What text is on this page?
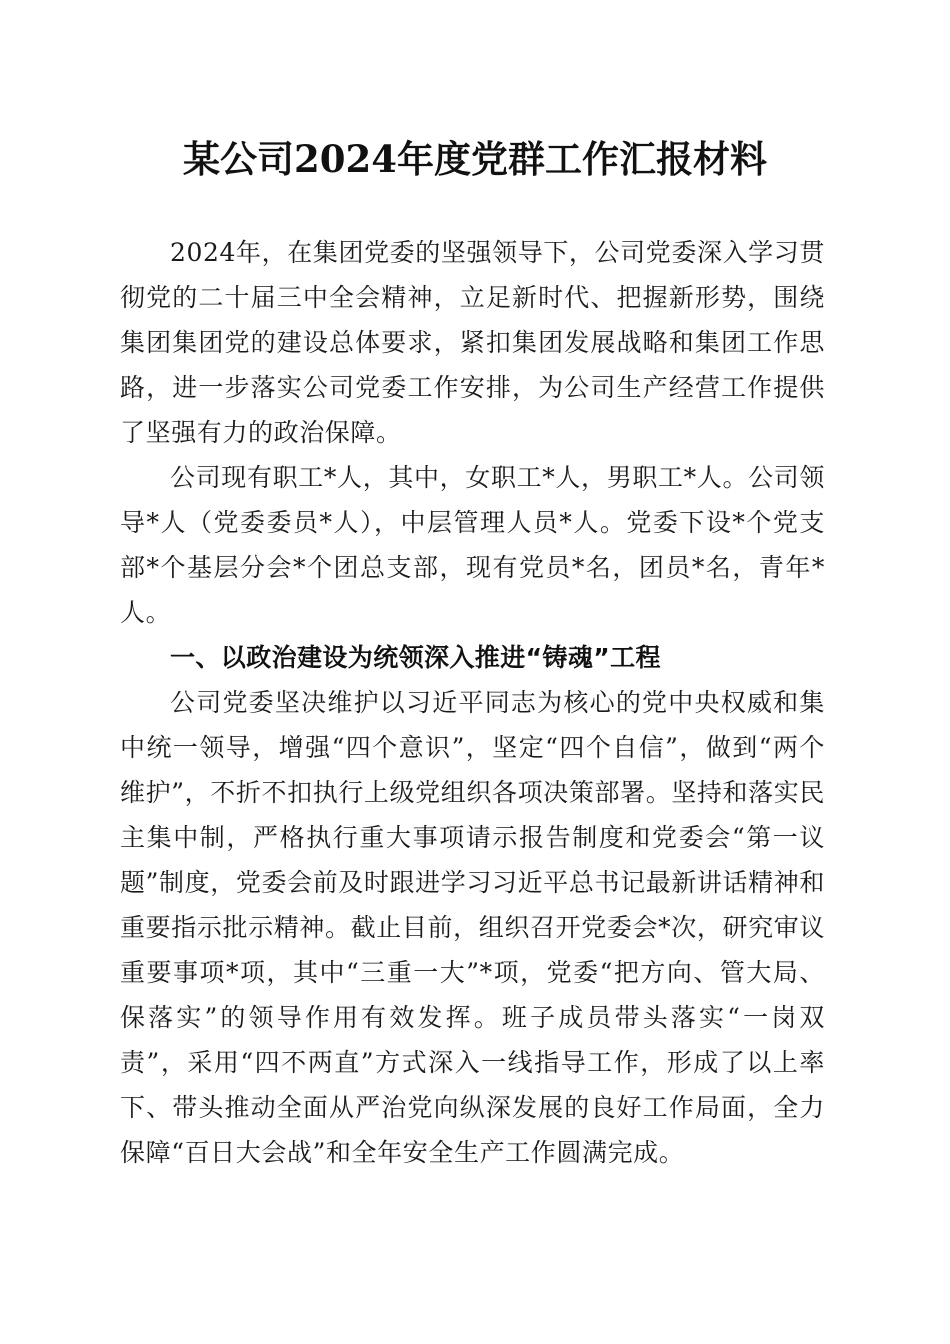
某公司2024年度党群工作汇报材料

2024年，在集团党委的坚强领导下，公司党委深入学习贯彻党的二十届三中全会精神，立足新时代、把握新形势，围绕集团集团党的建设总体要求，紧扣集团发展战略和集团工作思路，进一步落实公司党委工作安排，为公司生产经营工作提供了坚强有力的政治保障。

公司现有职工*人，其中，女职工*人，男职工*人。公司领导*人（党委委员*人），中层管理人员*人。党委下设*个党支部*个基层分会*个团总支部，现有党员*名，团员*名，青年*人。

一、以政治建设为统领深入推进“铸魂”工程

公司党委坚决维护以习近平同志为核心的党中央权威和集中统一领导，增强“四个意识”，坚定“四个自信”，做到“两个维护”，不折不扣执行上级党组织各项决策部署。坚持和落实民主集中制，严格执行重大事项请示报告制度和党委会“第一议题”制度，党委会前及时跟进学习习近平总书记最新讲话精神和重要指示批示精神。截止目前，组织召开党委会*次，研究审议重要事项*项，其中“三重一大”*项，党委“把方向、管大局、保落实”的领导作用有效发挥。班子成员带头落实“一岗双责”，采用“四不两直”方式深入一线指导工作，形成了以上率下、带头推动全面从严治党向纵深发展的良好工作局面，全力保障“百日大会战”和全年安全生产工作圆满完成。
